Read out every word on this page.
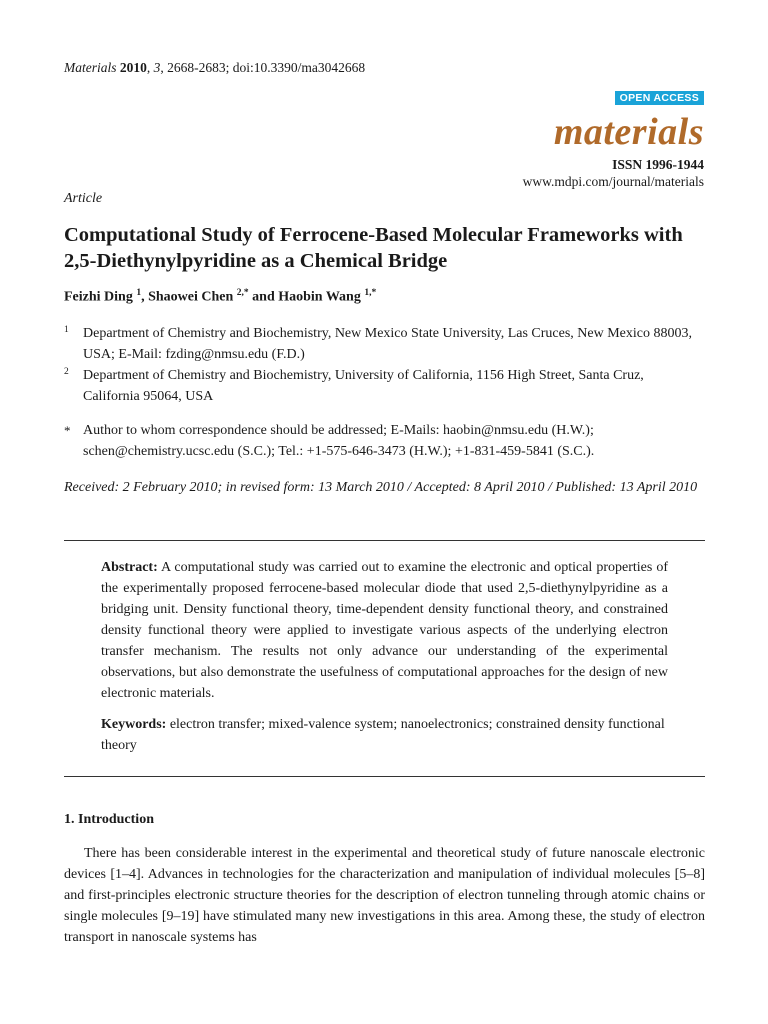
Materials 2010, 3, 2668-2683; doi:10.3390/ma3042668
OPEN ACCESS
materials
ISSN 1996-1944
www.mdpi.com/journal/materials
Article
Computational Study of Ferrocene-Based Molecular Frameworks with 2,5-Diethynylpyridine as a Chemical Bridge
Feizhi Ding $^1$, Shaowei Chen $^{2,*}$ and Haobin Wang $^{1,*}$
1 Department of Chemistry and Biochemistry, New Mexico State University, Las Cruces, New Mexico 88003, USA; E-Mail: fzding@nmsu.edu (F.D.)
2 Department of Chemistry and Biochemistry, University of California, 1156 High Street, Santa Cruz, California 95064, USA
* Author to whom correspondence should be addressed; E-Mails: haobin@nmsu.edu (H.W.); schen@chemistry.ucsc.edu (S.C.); Tel.: +1-575-646-3473 (H.W.); +1-831-459-5841 (S.C.).
Received: 2 February 2010; in revised form: 13 March 2010 / Accepted: 8 April 2010 / Published: 13 April 2010
Abstract: A computational study was carried out to examine the electronic and optical properties of the experimentally proposed ferrocene-based molecular diode that used 2,5-diethynylpyridine as a bridging unit. Density functional theory, time-dependent density functional theory, and constrained density functional theory were applied to investigate various aspects of the underlying electron transfer mechanism. The results not only advance our understanding of the experimental observations, but also demonstrate the usefulness of computational approaches for the design of new electronic materials.
Keywords: electron transfer; mixed-valence system; nanoelectronics; constrained density functional theory
1. Introduction
There has been considerable interest in the experimental and theoretical study of future nanoscale electronic devices [1–4]. Advances in technologies for the characterization and manipulation of individual molecules [5–8] and first-principles electronic structure theories for the description of electron tunneling through atomic chains or single molecules [9–19] have stimulated many new investigations in this area. Among these, the study of electron transport in nanoscale systems has
